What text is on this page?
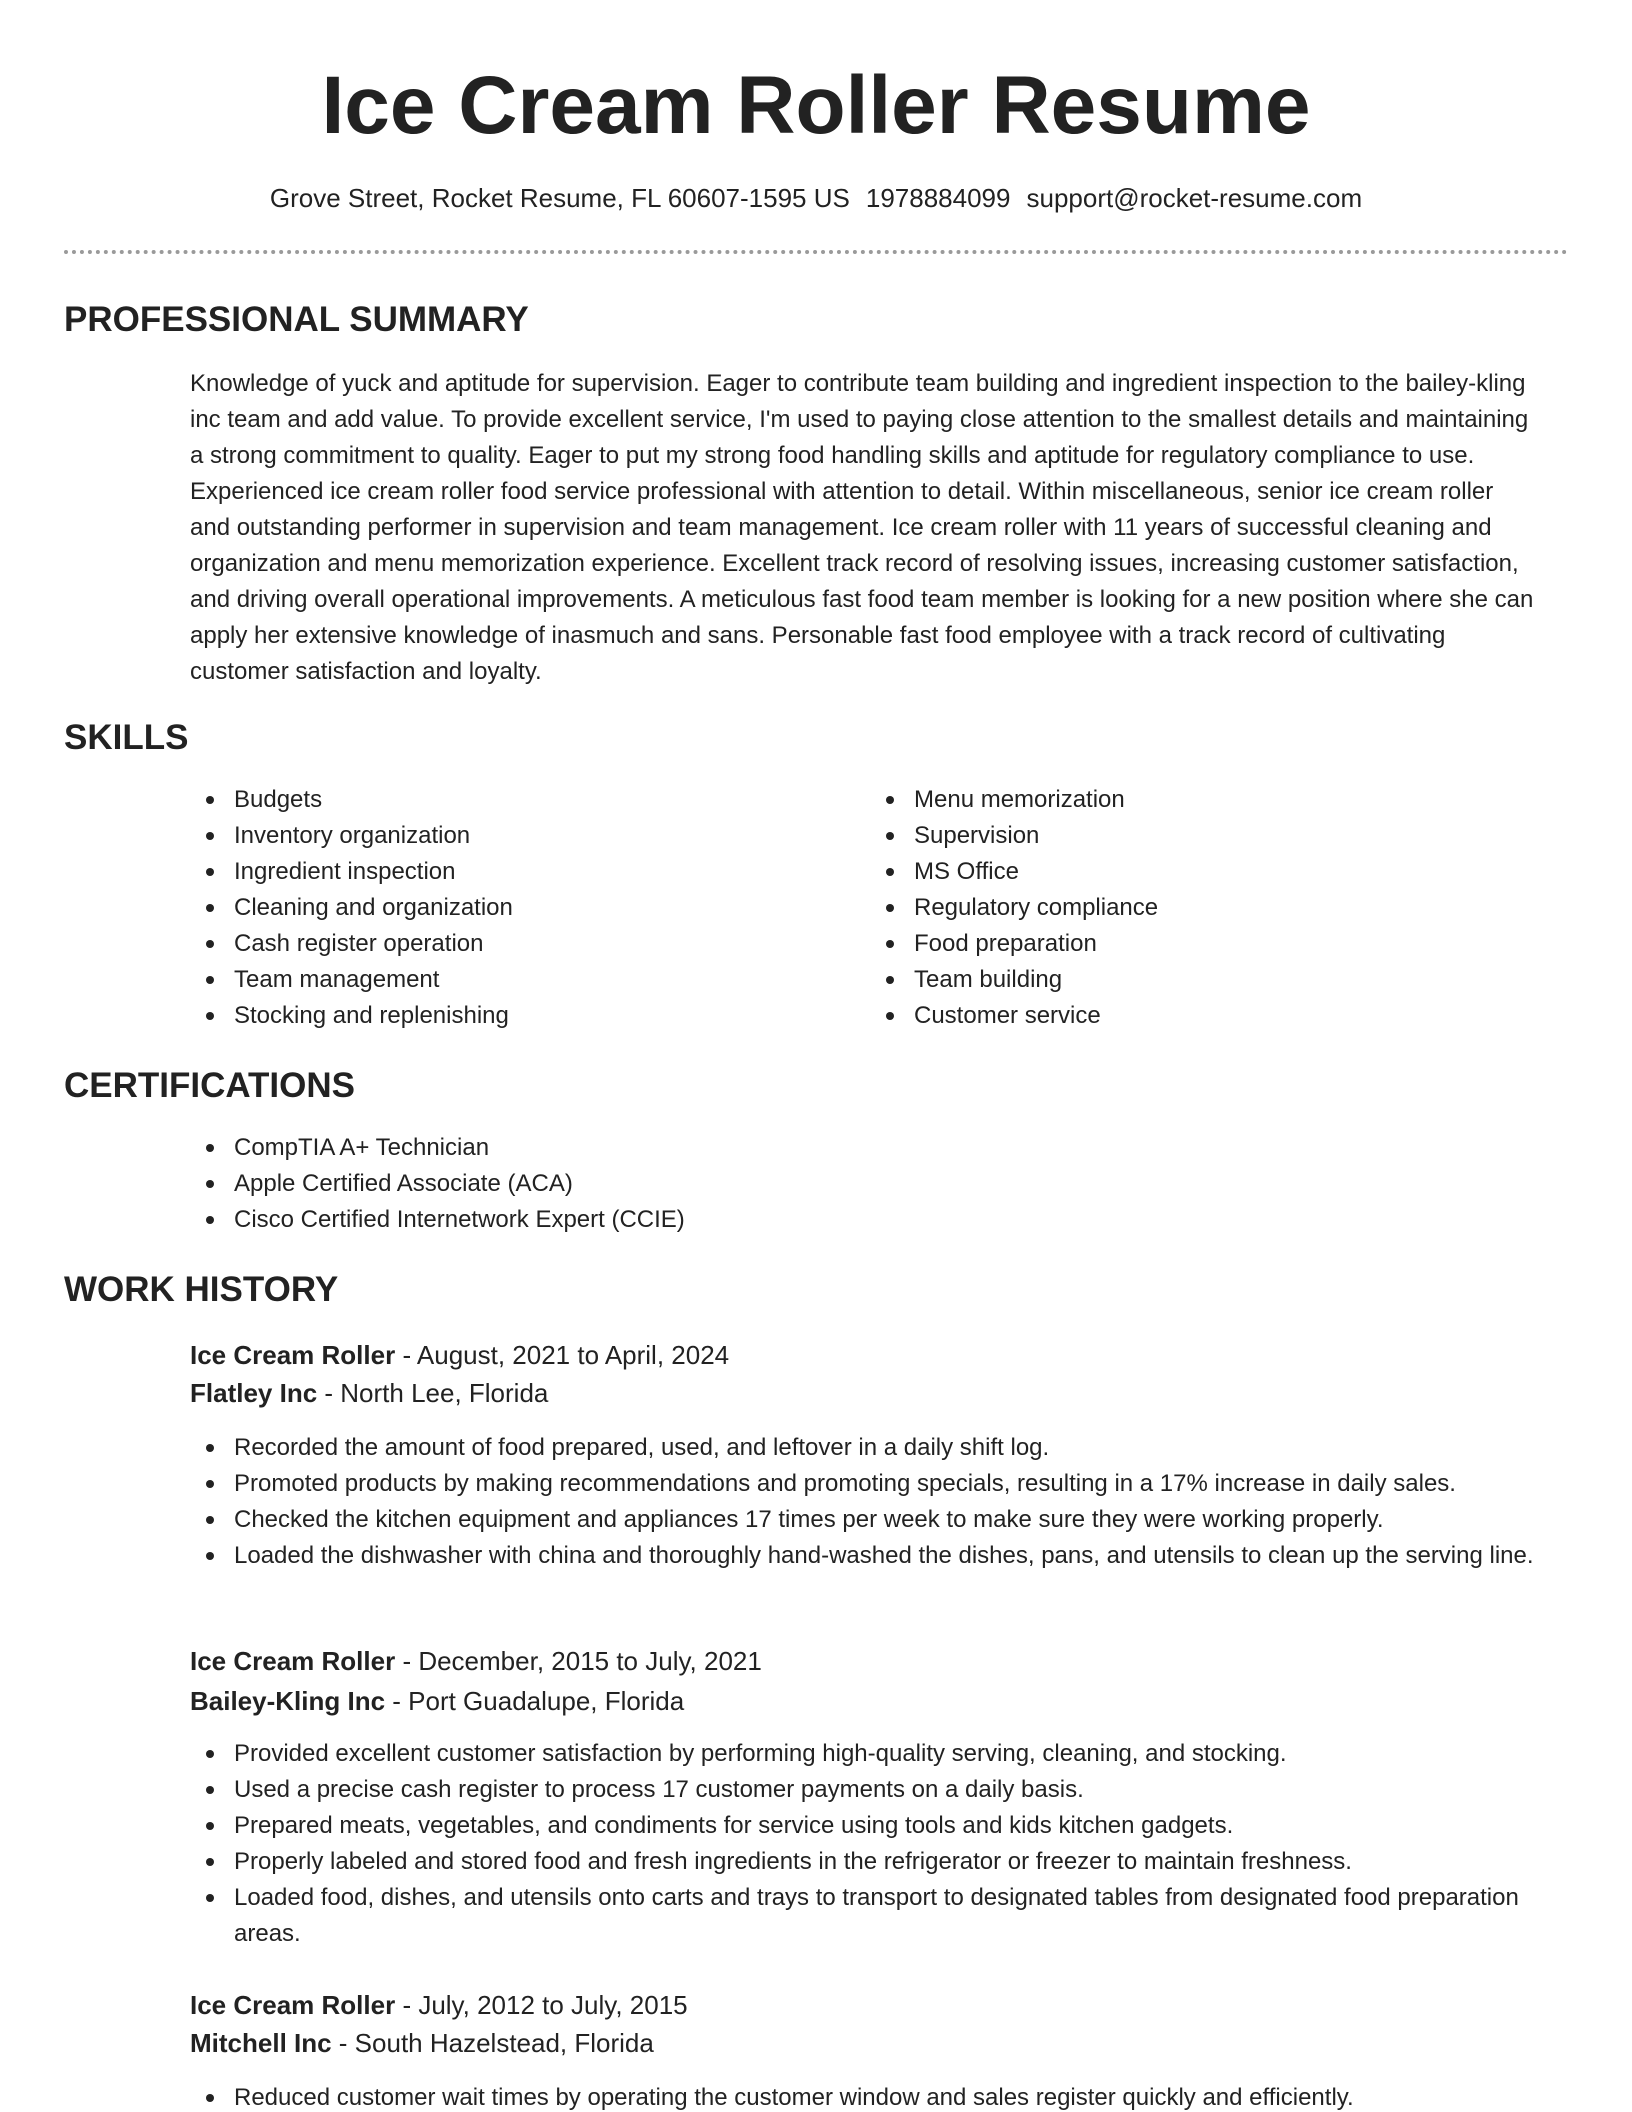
Ice Cream Roller Resume
Grove Street, Rocket Resume, FL 60607-1595 US 1978884099 support@rocket-resume.com
PROFESSIONAL SUMMARY

Knowledge of yuck and aptitude for supervision. Eager to contribute team building and ingredient inspection to the bailey-kling inc team and add value. To provide excellent service, I'm used to paying close attention to the smallest details and maintaining a strong commitment to quality. Eager to put my strong food handling skills and aptitude for regulatory compliance to use. Experienced ice cream roller food service professional with attention to detail. Within miscellaneous, senior ice cream roller and outstanding performer in supervision and team management. Ice cream roller with 11 years of successful cleaning and organization and menu memorization experience. Excellent track record of resolving issues, increasing customer satisfaction, and driving overall operational improvements. A meticulous fast food team member is looking for a new position where she can apply her extensive knowledge of inasmuch and sans. Personable fast food employee with a track record of cultivating customer satisfaction and loyalty.

SKILLS
Budgets
Inventory organization
Ingredient inspection
Cleaning and organization
Cash register operation
Team management
Stocking and replenishing
Menu memorization
Supervision
MS Office
Regulatory compliance
Food preparation
Team building
Customer service
CERTIFICATIONS
CompTIA A+ Technician
Apple Certified Associate (ACA)
Cisco Certified Internetwork Expert (CCIE)
WORK HISTORY
Ice Cream Roller - August, 2021 to April, 2024
Flatley Inc - North Lee, Florida
Recorded the amount of food prepared, used, and leftover in a daily shift log.
Promoted products by making recommendations and promoting specials, resulting in a 17% increase in daily sales.
Checked the kitchen equipment and appliances 17 times per week to make sure they were working properly.
Loaded the dishwasher with china and thoroughly hand-washed the dishes, pans, and utensils to clean up the serving line.
Ice Cream Roller - December, 2015 to July, 2021
Bailey-Kling Inc - Port Guadalupe, Florida
Provided excellent customer satisfaction by performing high-quality serving, cleaning, and stocking.
Used a precise cash register to process 17 customer payments on a daily basis.
Prepared meats, vegetables, and condiments for service using tools and kids kitchen gadgets.
Properly labeled and stored food and fresh ingredients in the refrigerator or freezer to maintain freshness.
Loaded food, dishes, and utensils onto carts and trays to transport to designated tables from designated food preparation areas.
Ice Cream Roller - July, 2012 to July, 2015
Mitchell Inc - South Hazelstead, Florida
Reduced customer wait times by operating the customer window and sales register quickly and efficiently.
